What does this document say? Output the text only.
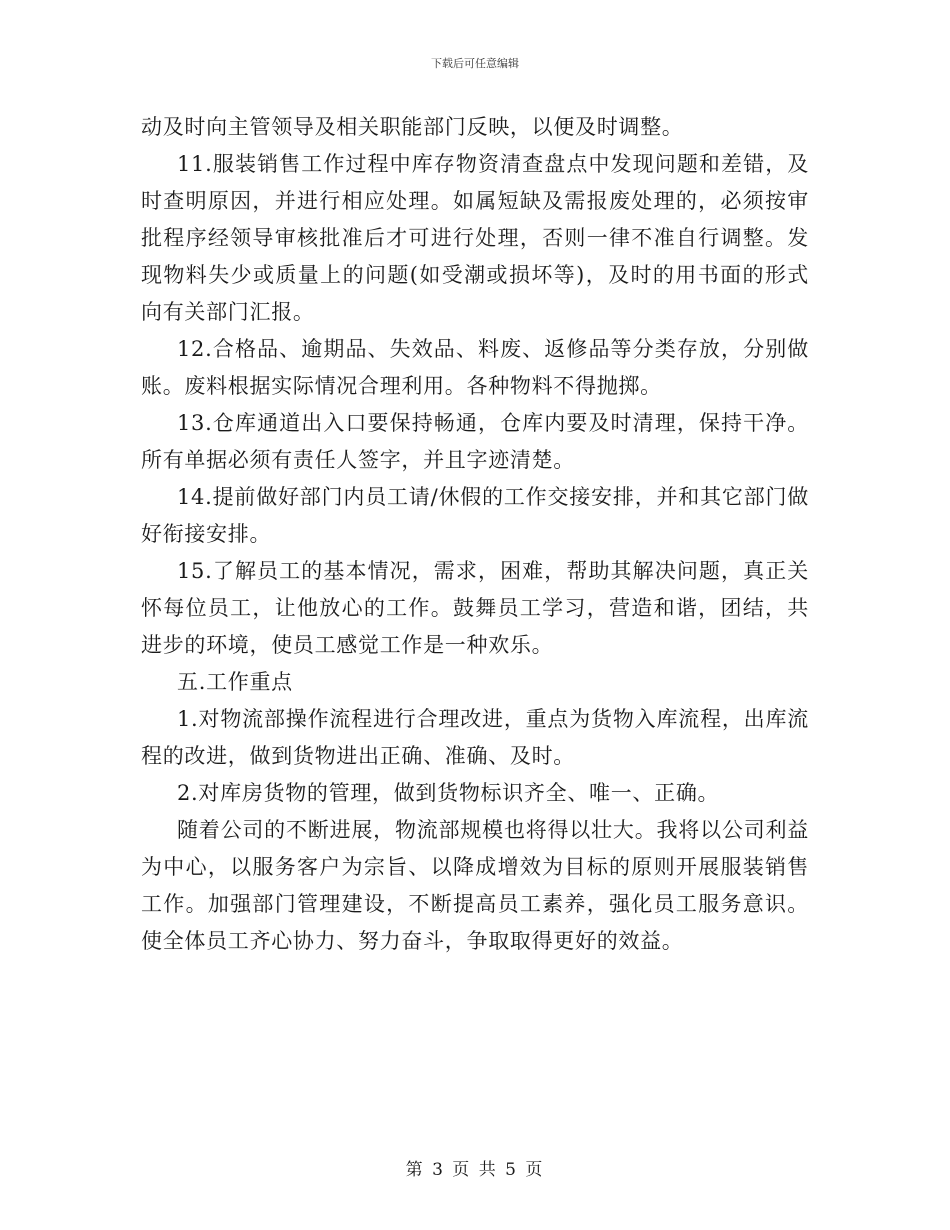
下载后可任意编辑

动及时向主管领导及相关职能部门反映，以便及时调整。

11.服装销售工作过程中库存物资清查盘点中发现问题和差错，及时查明原因，并进行相应处理。如属短缺及需报废处理的，必须按审批程序经领导审核批准后才可进行处理，否则一律不准自行调整。发现物料失少或质量上的问题(如受潮或损坏等)，及时的用书面的形式向有关部门汇报。

12.合格品、逾期品、失效品、料废、返修品等分类存放，分别做账。废料根据实际情况合理利用。各种物料不得抛掷。

13.仓库通道出入口要保持畅通，仓库内要及时清理，保持干净。所有单据必须有责任人签字，并且字迹清楚。

14.提前做好部门内员工请/休假的工作交接安排，并和其它部门做好衔接安排。

15.了解员工的基本情况，需求，困难，帮助其解决问题，真正关怀每位员工，让他放心的工作。鼓舞员工学习，营造和谐，团结，共进步的环境，使员工感觉工作是一种欢乐。

五.工作重点

1.对物流部操作流程进行合理改进，重点为货物入库流程，出库流程的改进，做到货物进出正确、准确、及时。

2.对库房货物的管理，做到货物标识齐全、唯一、正确。

随着公司的不断进展，物流部规模也将得以壮大。我将以公司利益为中心，以服务客户为宗旨、以降成增效为目标的原则开展服装销售工作。加强部门管理建设，不断提高员工素养，强化员工服务意识。使全体员工齐心协力、努力奋斗，争取取得更好的效益。

第 3 页 共 5 页
